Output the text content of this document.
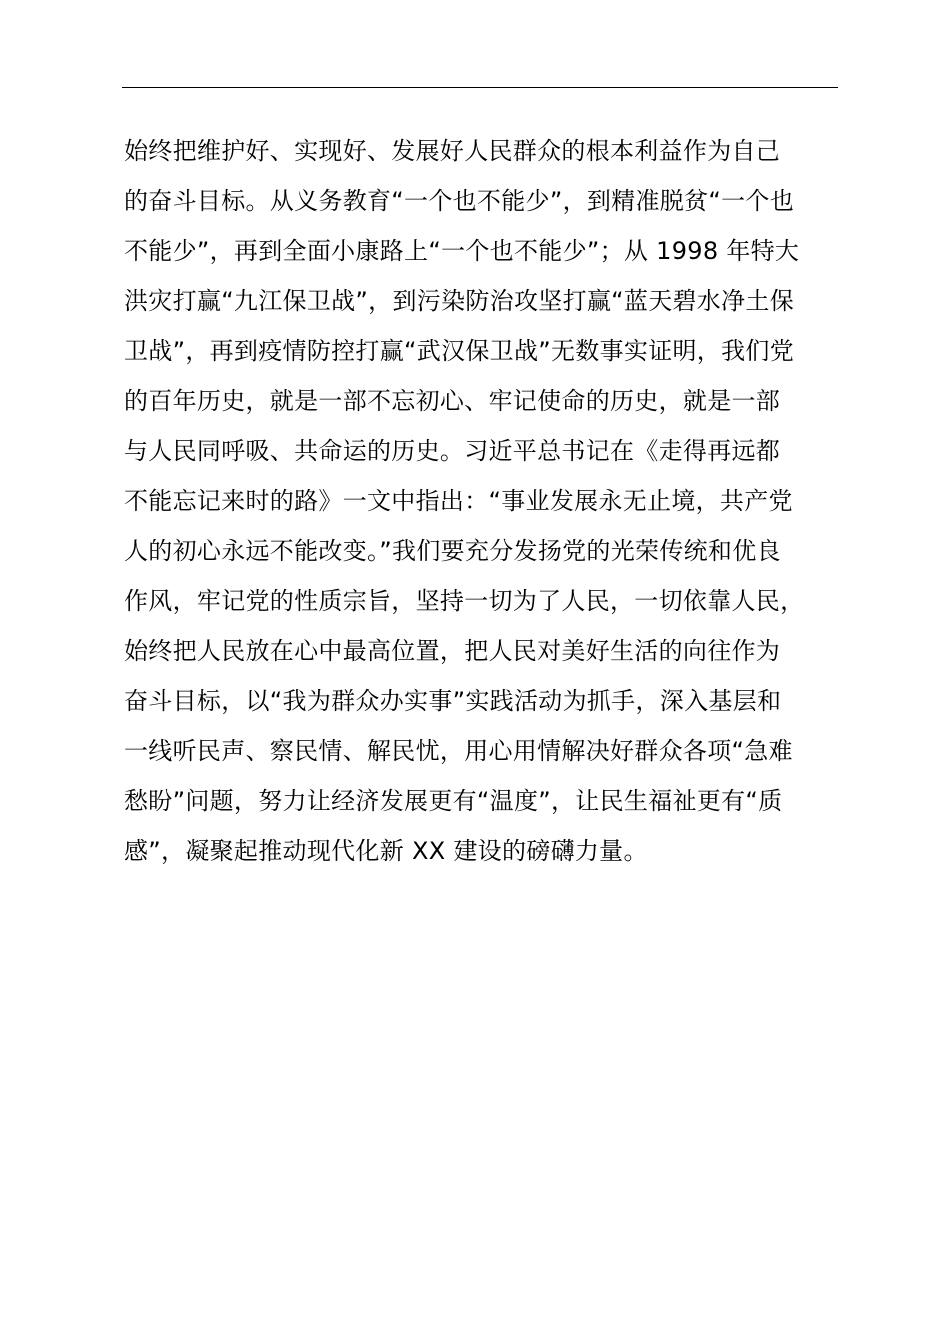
始终把维护好、实现好、发展好人民群众的根本利益作为自己
的奋斗目标。从义务教育“一个也不能少”，到精准脱贫“一个也
不能少”，再到全面小康路上“一个也不能少”；从 1998 年特大
洪灾打赢“九江保卫战”，到污染防治攻坚打赢“蓝天碧水净土保
卫战”，再到疫情防控打赢“武汉保卫战”无数事实证明，我们党
的百年历史，就是一部不忘初心、牢记使命的历史，就是一部
与人民同呼吸、共命运的历史。习近平总书记在《走得再远都
不能忘记来时的路》一文中指出：“事业发展永无止境，共产党
人的初心永远不能改变。”我们要充分发扬党的光荣传统和优良
作风，牢记党的性质宗旨，坚持一切为了人民，一切依靠人民，
始终把人民放在心中最高位置，把人民对美好生活的向往作为
奋斗目标，以“我为群众办实事”实践活动为抓手，深入基层和
一线听民声、察民情、解民忧，用心用情解决好群众各项“急难
愁盼”问题，努力让经济发展更有“温度”，让民生福祉更有“质
感”，凝聚起推动现代化新 XX 建设的磅礴力量。
